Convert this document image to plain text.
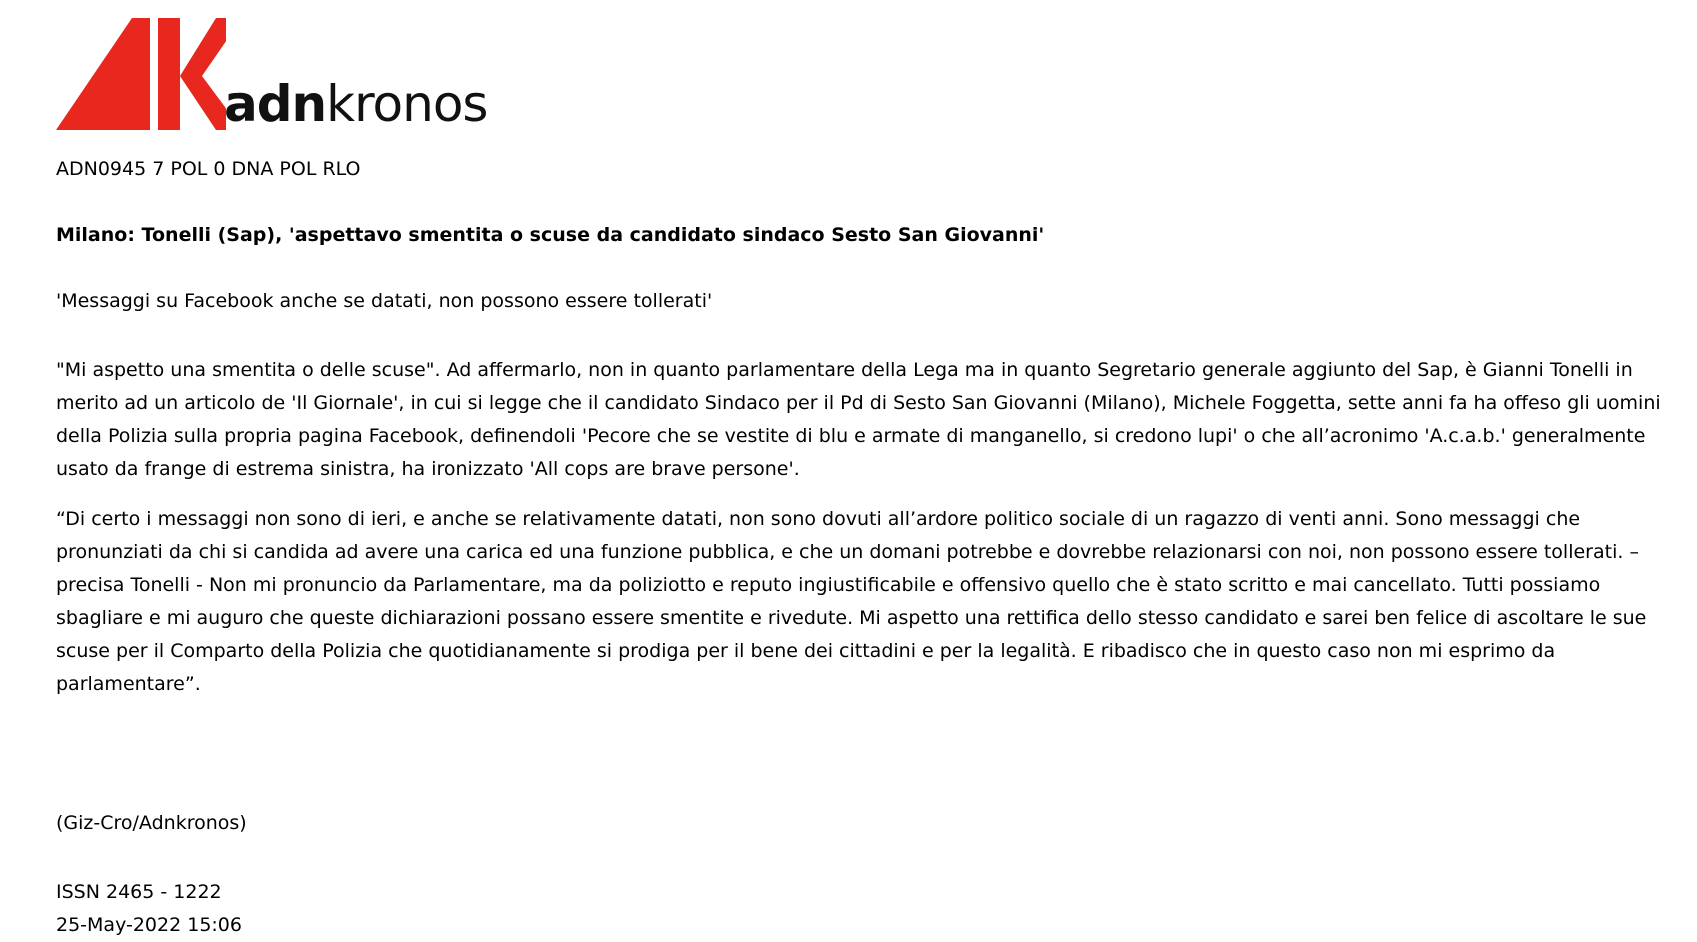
adnkronos
ADN0945 7 POL 0 DNA POL RLO
Milano: Tonelli (Sap), 'aspettavo smentita o scuse da candidato sindaco Sesto San Giovanni'
'Messaggi su Facebook anche se datati, non possono essere tollerati'
"Mi aspetto una smentita o delle scuse". Ad affermarlo, non in quanto parlamentare della Lega ma in quanto Segretario generale aggiunto del Sap, è Gianni Tonelli in merito ad un articolo de 'Il Giornale', in cui si legge che il candidato Sindaco per il Pd di Sesto San Giovanni (Milano), Michele Foggetta, sette anni fa ha offeso gli uomini della Polizia sulla propria pagina Facebook, definendoli 'Pecore che se vestite di blu e armate di manganello, si credono lupi' o che all’acronimo 'A.c.a.b.' generalmente usato da frange di estrema sinistra, ha ironizzato 'All cops are brave persone'.
“Di certo i messaggi non sono di ieri, e anche se relativamente datati, non sono dovuti all’ardore politico sociale di un ragazzo di venti anni. Sono messaggi che pronunziati da chi si candida ad avere una carica ed una funzione pubblica, e che un domani potrebbe e dovrebbe relazionarsi con noi, non possono essere tollerati. – precisa Tonelli - Non mi pronuncio da Parlamentare, ma da poliziotto e reputo ingiustificabile e offensivo quello che è stato scritto e mai cancellato. Tutti possiamo sbagliare e mi auguro che queste dichiarazioni possano essere smentite e rivedute. Mi aspetto una rettifica dello stesso candidato e sarei ben felice di ascoltare le sue scuse per il Comparto della Polizia che quotidianamente si prodiga per il bene dei cittadini e per la legalità. E ribadisco che in questo caso non mi esprimo da parlamentare”.
(Giz-Cro/Adnkronos)
ISSN 2465 - 1222
25-May-2022 15:06
